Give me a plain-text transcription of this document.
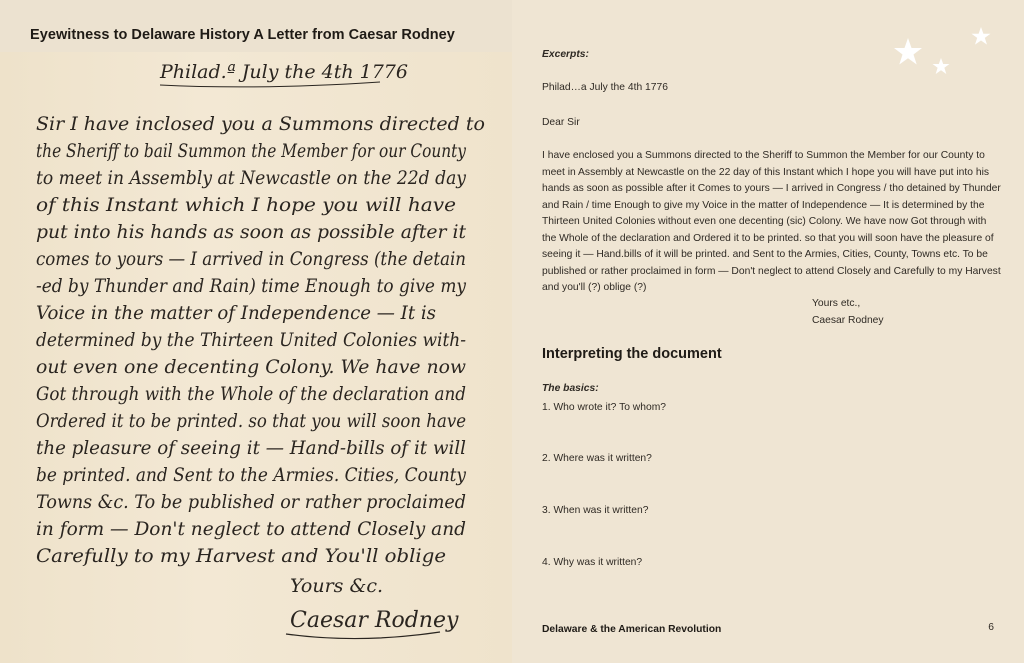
Eyewitness to Delaware History A Letter from Caesar Rodney
Philad.ª July the 4th 1776
Sir I have inclosed you a Summons directed to
the Sheriff to bail Summon the Member for our County
to meet in Assembly at Newcastle on the 22d day
of this Instant which I hope you will have
put into his hands as soon as possible after it
comes to yours — I arrived in Congress (the detain
-ed by Thunder and Rain) time Enough to give my
Voice in the matter of Independence — It is
determined by the Thirteen United Colonies with-
out even one decenting Colony. We have now
Got through with the Whole of the declaration and
Ordered it to be printed. so that you will soon have
the pleasure of seeing it — Hand-bills of it will
be printed. and Sent to the Armies. Cities, County
Towns &c. To be published or rather proclaimed
in form — Don't neglect to attend Closely and
Carefully to my Harvest and You'll oblige
Yours &c.
Caesar Rodney
Excerpts:
Philad…a July the 4th 1776
Dear Sir
I have enclosed you a Summons directed to the Sheriff to Summon the Member for our County to meet in Assembly at Newcastle on the 22 day of this Instant which I hope you will have put into his hands as soon as possible after it Comes to yours — I arrived in Congress / tho detained by Thunder and Rain / time Enough to give my Voice in the matter of Independence — It is determined by the Thirteen United Colonies without even one decenting (sic) Colony. We have now Got through with the Whole of the declaration and Ordered it to be printed. so that you will soon have the pleasure of seeing it — Hand.bills of it will be printed. and Sent to the Armies, Cities, County, Towns etc. To be published or rather proclaimed in form — Don't neglect to attend Closely and Carefully to my Harvest and you'll (?) oblige (?)
Yours etc.,
Caesar Rodney
Interpreting the document
The basics:
1. Who wrote it? To whom?
2. Where was it written?
3. When was it written?
4. Why was it written?
Delaware & the American Revolution	6
